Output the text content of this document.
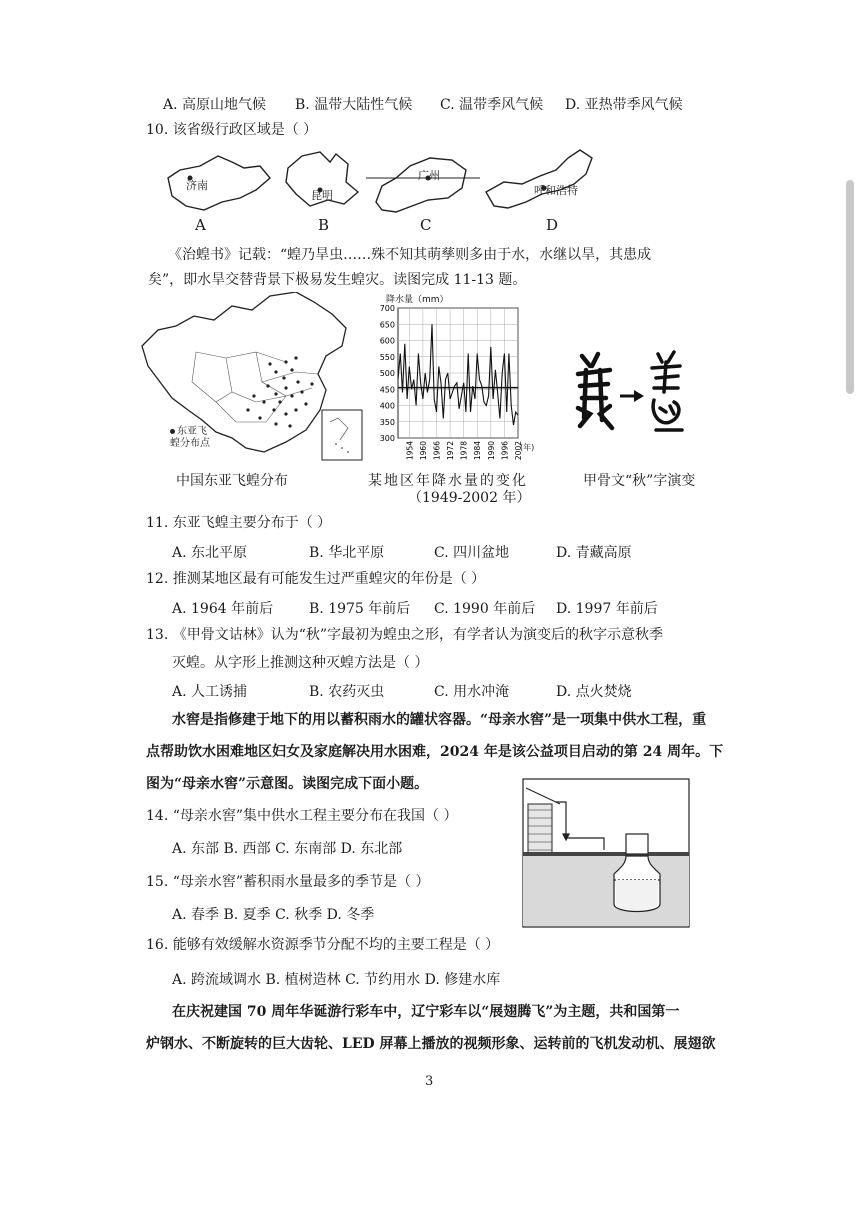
A. 高原山地气候 B. 温带大陆性气候 C. 温带季风气候 D. 亚热带季风气候
10. 该省级行政区域是（ ）
济南
昆明
广州
呼和浩特
A	B	C	D
《治蝗书》记载：“蝗乃旱虫……殊不知其萌孳则多由于水，水继以旱，其患成
矣”，即水旱交替背景下极易发生蝗灾。读图完成 11-13 题。
东亚飞蝗分布点
中国东亚飞蝗分布
降水量（mm）
300
350
400
450
500
550
600
650
700
1954 1960 1966 1972 1978 1984 1990 1996 2002
(年)
某地区年降水量的变化
（1949-2002 年）
甲骨文“秋”字演变
11. 东亚飞蝗主要分布于（ ）
A. 东北平原	B. 华北平原	C. 四川盆地	D. 青藏高原
12. 推测某地区最有可能发生过严重蝗灾的年份是（ ）
A. 1964 年前后	B. 1975 年前后 C. 1990 年前后 D. 1997 年前后
13. 《甲骨文诂林》认为“秋”字最初为蝗虫之形，有学者认为演变后的秋字示意秋季
灭蝗。从字形上推测这种灭蝗方法是（ ）
A. 人工诱捕	B. 农药灭虫	C. 用水冲淹	D. 点火焚烧
水窖是指修建于地下的用以蓄积雨水的罐状容器。“母亲水窖”是一项集中供水工程，重
点帮助饮水困难地区妇女及家庭解决用水困难，2024 年是该公益项目启动的第 24 周年。下
图为“母亲水窖”示意图。读图完成下面小题。
14. “母亲水窖”集中供水工程主要分布在我国（ ）
A. 东部 B. 西部 C. 东南部 D. 东北部
15. “母亲水窖”蓄积雨水量最多的季节是（ ）
A. 春季 B. 夏季 C. 秋季 D. 冬季
16. 能够有效缓解水资源季节分配不均的主要工程是（ ）
A. 跨流域调水 B. 植树造林 C. 节约用水 D. 修建水库
在庆祝建国 70 周年华诞游行彩车中，辽宁彩车以“展翅腾飞”为主题，共和国第一
炉钢水、不断旋转的巨大齿轮、LED 屏幕上播放的视频形象、运转前的飞机发动机、展翅欲
3
